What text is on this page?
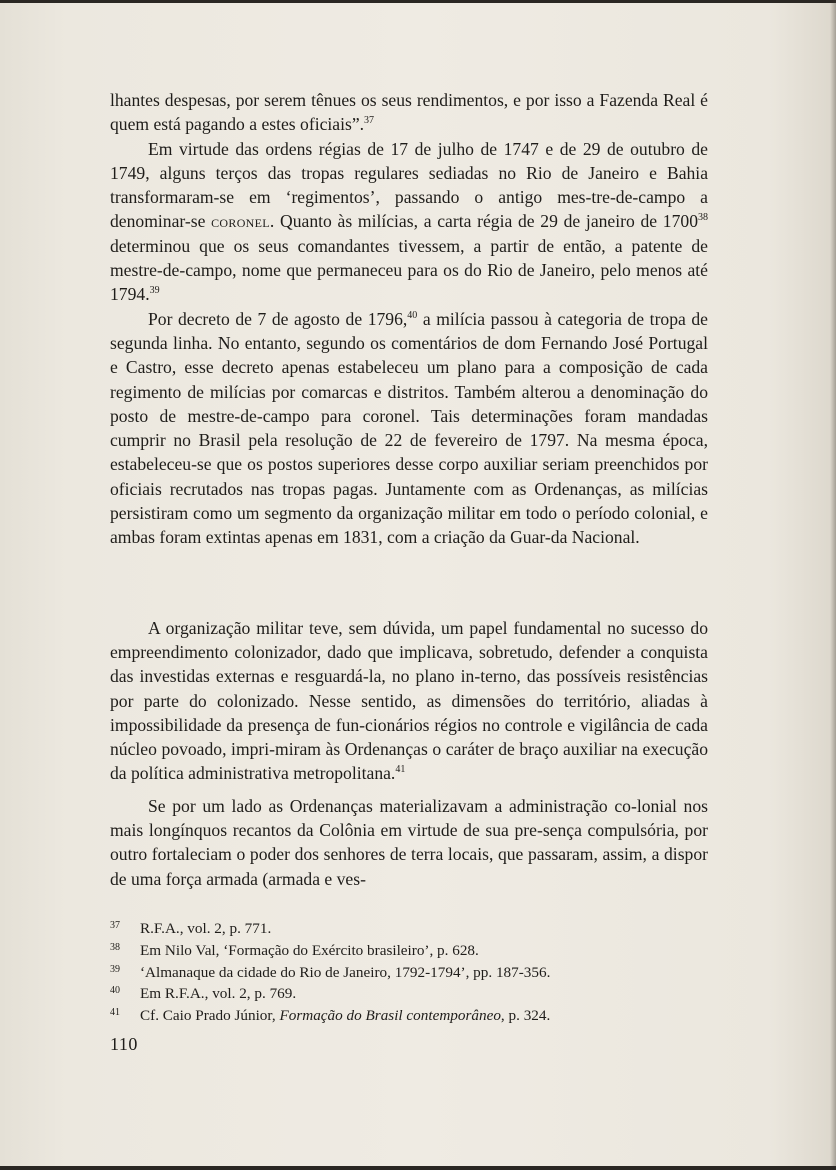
lhantes despesas, por serem tênues os seus rendimentos, e por isso a Fazenda Real é quem está pagando a estes oficiais”.$^{37}$

Em virtude das ordens régias de 17 de julho de 1747 e de 29 de outubro de 1749, alguns terços das tropas regulares sediadas no Rio de Janeiro e Bahia transformaram-se em ‘regimentos’, passando o antigo mes-tre-de-campo a denominar-se coronel. Quanto às milícias, a carta régia de 29 de janeiro de 1700$^{38}$ determinou que os seus comandantes tivessem, a partir de então, a patente de mestre-de-campo, nome que permaneceu para os do Rio de Janeiro, pelo menos até 1794.39

Por decreto de 7 de agosto de 1796,40 a milícia passou à categoria de tropa de segunda linha. No entanto, segundo os comentários de dom Fernando José Portugal e Castro, esse decreto apenas estabeleceu um plano para a composição de cada regimento de milícias por comarcas e distritos. Também alterou a denominação do posto de mestre-de-campo para coronel. Tais determinações foram mandadas cumprir no Brasil pela resolução de 22 de fevereiro de 1797. Na mesma época, estabeleceu-se que os postos superiores desse corpo auxiliar seriam preenchidos por oficiais recrutados nas tropas pagas. Juntamente com as Ordenanças, as milícias persistiram como um segmento da organização militar em todo o período colonial, e ambas foram extintas apenas em 1831, com a criação da Guar-da Nacional.

A organização militar teve, sem dúvida, um papel fundamental no sucesso do empreendimento colonizador, dado que implicava, sobretudo, defender a conquista das investidas externas e resguardá-la, no plano in-terno, das possíveis resistências por parte do colonizado. Nesse sentido, as dimensões do território, aliadas à impossibilidade da presença de fun-cionários régios no controle e vigilância de cada núcleo povoado, impri-miram às Ordenanças o caráter de braço auxiliar na execução da política administrativa metropolitana.$^{41}$

Se por um lado as Ordenanças materializavam a administração co-lonial nos mais longínquos recantos da Colônia em virtude de sua pre-sença compulsória, por outro fortaleciam o poder dos senhores de terra locais, que passaram, assim, a dispor de uma força armada (armada e ves-

37	R.F.A., vol. 2, p. 771.
38	Em Nilo Val, ‘Formação do Exército brasileiro’, p. 628.
39	‘Almanaque da cidade do Rio de Janeiro, 1792-1794’, pp. 187-356.
40	Em R.F.A., vol. 2, p. 769.
41	Cf. Caio Prado Júnior, Formação do Brasil contemporâneo, p. 324.
110
